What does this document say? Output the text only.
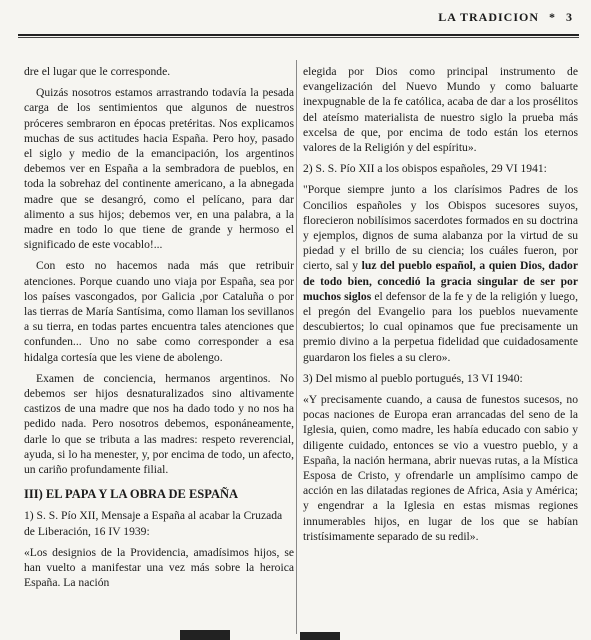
LA TRADICION * 3

dre el lugar que le corresponde.

Quizás nosotros estamos arrastrando todavía la pesada carga de los sentimientos que algunos de nuestros próceres sembraron en épocas pretéritas. Nos explicamos muchas de sus actitudes hacia España. Pero hoy, pasado el siglo y medio de la emancipación, los argentinos debemos ver en España a la sembradora de pueblos, en toda la sobrehaz del continente americano, a la abnegada madre que se desangró, como el pelícano, para dar alimento a sus hijos; debemos ver, en una palabra, a la madre en todo lo que tiene de grande y hermoso el significado de este vocablo!...

Con esto no hacemos nada más que retribuir atenciones. Porque cuando uno viaja por España, sea por los países vascongados, por Galicia ,por Cataluña o por las tierras de María Santísima, como llaman los sevillanos a su tierra, en todas partes encuentra tales atenciones que confunden... Uno no sabe como corresponder a esa hidalga cortesía que les viene de abolengo.

Examen de conciencia, hermanos argentinos. No debemos ser hijos desnaturalizados sino altivamente castizos de una madre que nos ha dado todo y no nos ha pedido nada. Pero nosotros debemos, esponáneamente, darle lo que se tributa a las madres: respeto reverencial, ayuda, si lo ha menester, y, por encima de todo, un afecto, un cariño profundamente filial.

III) EL PAPA Y LA OBRA DE ESPAÑA

1) S. S. Pío XII, Mensaje a España al acabar la Cruzada de Liberación, 16 IV 1939:

«Los designios de la Providencia, amadísimos hijos, se han vuelto a manifestar una vez más sobre la heroica España. La nación

elegida por Dios como principal instrumento de evangelización del Nuevo Mundo y como baluarte inexpugnable de la fe católica, acaba de dar a los prosélitos del ateísmo materialista de nuestro siglo la prueba más excelsa de que, por encima de todo están los eternos valores de la Religión y del espíritu».

2) S. S. Pío XII a los obispos españoles, 29 VI 1941:

"Porque siempre junto a los clarísimos Padres de los Concilios españoles y los Obispos sucesores suyos, florecieron nobilísimos sacerdotes formados en su doctrina y ejemplos, dignos de suma alabanza por la virtud de su piedad y el brillo de su ciencia; los cuáles fueron, por cierto, sal y luz del pueblo español, a quien Dios, dador de todo bien, concedió la gracia singular de ser por muchos siglos el defensor de la fe y de la religión y luego, el pregón del Evangelio para los pueblos nuevamente descubiertos; lo cual opinamos que fue precisamente un premio divino a la perpetua fidelidad que cuidadosamente guardaron los fieles a su clero».

3) Del mismo al pueblo portugués, 13 VI 1940:

«Y precisamente cuando, a causa de funestos sucesos, no pocas naciones de Europa eran arrancadas del seno de la Iglesia, quien, como madre, les había educado con sabio y diligente cuidado, entonces se vio a vuestro pueblo, y a España, la nación hermana, abrir nuevas rutas, a la Mística Esposa de Cristo, y ofrendarle un amplísimo campo de acción en las dilatadas regiones de Africa, Asia y América; y engendrar a la Iglesia en estas mismas regiones innumerables hijos, en lugar de los que se habían tristísimamente separado de su redil».
